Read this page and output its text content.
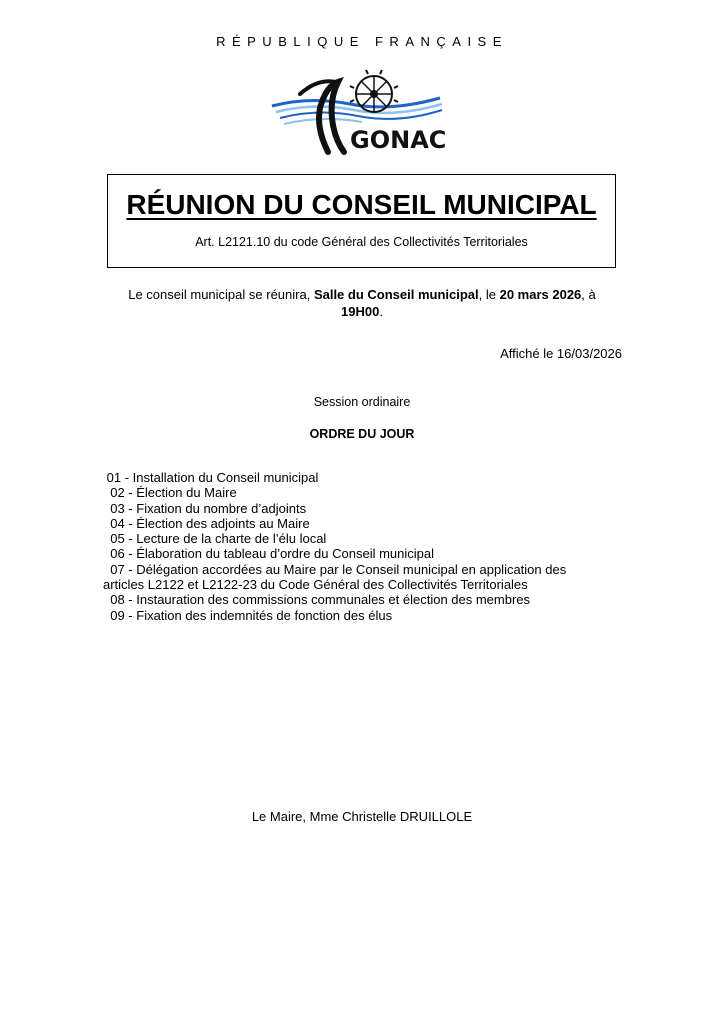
RÉPUBLIQUE FRANÇAISE
GONAC
RÉUNION DU CONSEIL MUNICIPAL
Art. L2121.10 du code Général des Collectivités Territoriales
Le conseil municipal se réunira, Salle du Conseil municipal, le 20 mars 2026, à
19H00.
Affiché le 16/03/2026
Session ordinaire
ORDRE DU JOUR
01 - Installation du Conseil municipal
02 - Élection du Maire
03 - Fixation du nombre d’adjoints
04 - Élection des adjoints au Maire
05 - Lecture de la charte de l’élu local
06 - Élaboration du tableau d’ordre du Conseil municipal
07 - Délégation accordées au Maire par le Conseil municipal en application des
articles L2122 et L2122-23 du Code Général des Collectivités Territoriales
08 - Instauration des commissions communales et élection des membres
09 - Fixation des indemnités de fonction des élus
Le Maire, Mme Christelle DRUILLOLE
